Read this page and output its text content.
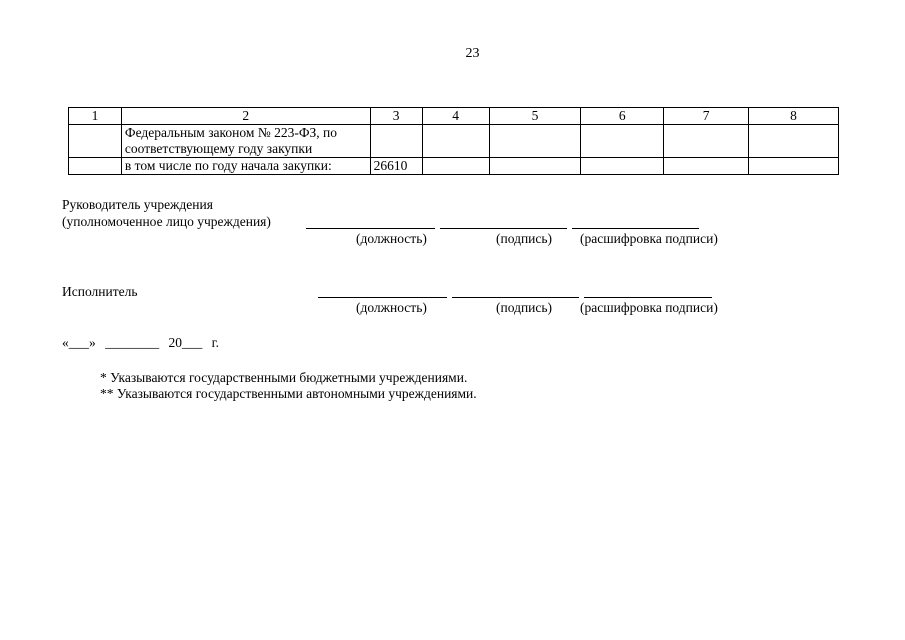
23
1	2	3	4	5	6	7	8
	Федеральным законом № 223-ФЗ, по соответствующему году закупки						
	в том числе по году начала закупки:	26610					
Руководитель учреждения
(уполномоченное лицо учреждения)
(должность)	(подпись) (расшифровка подписи)
Исполнитель
(должность)	(подпись) (расшифровка подписи)
«___» ________ 20___ г.
* Указываются государственными бюджетными учреждениями.
** Указываются государственными автономными учреждениями.
